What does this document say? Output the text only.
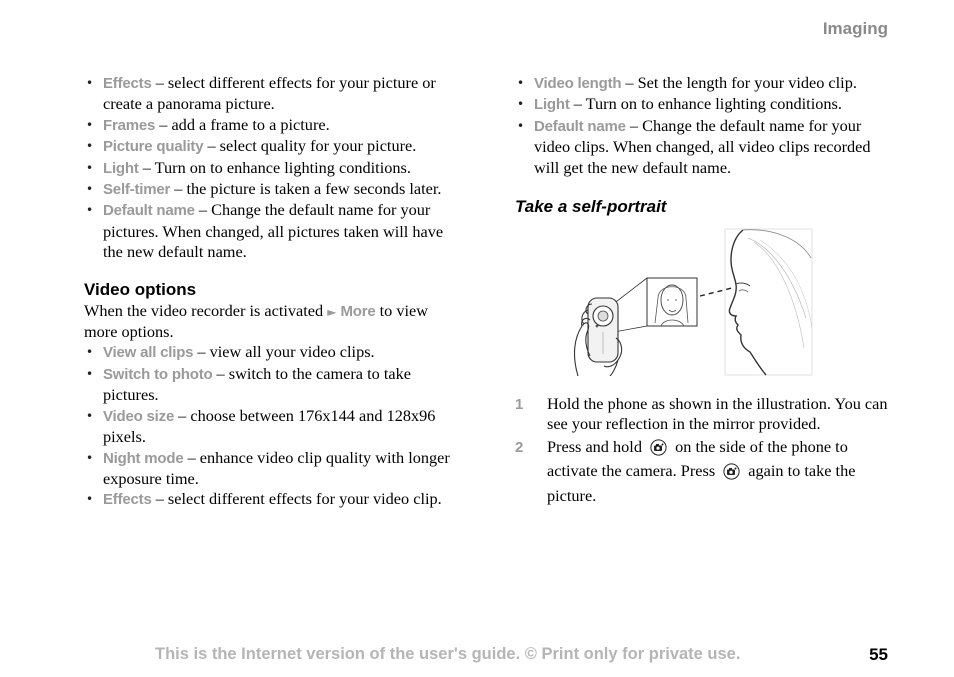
Imaging
• Effects – select different effects for your picture or create a panorama picture.
• Frames – add a frame to a picture.
• Picture quality – select quality for your picture.
• Light – Turn on to enhance lighting conditions.
• Self-timer – the picture is taken a few seconds later.
• Default name – Change the default name for your pictures. When changed, all pictures taken will have the new default name.
Video options

When the video recorder is activated ► More to view more options.

• View all clips – view all your video clips.
• Switch to photo – switch to the camera to take pictures.
• Video size – choose between 176x144 and 128x96 pixels.
• Night mode – enhance video clip quality with longer exposure time.
• Effects – select different effects for your video clip.
• Video length – Set the length for your video clip.
• Light – Turn on to enhance lighting conditions.
• Default name – Change the default name for your video clips. When changed, all video clips recorded will get the new default name.
Take a self-portrait
1 Hold the phone as shown in the illustration. You can see your reflection in the mirror provided.
2 Press and hold  on the side of the phone to activate the camera. Press  again to take the picture.
This is the Internet version of the user's guide. © Print only for private use.	55
